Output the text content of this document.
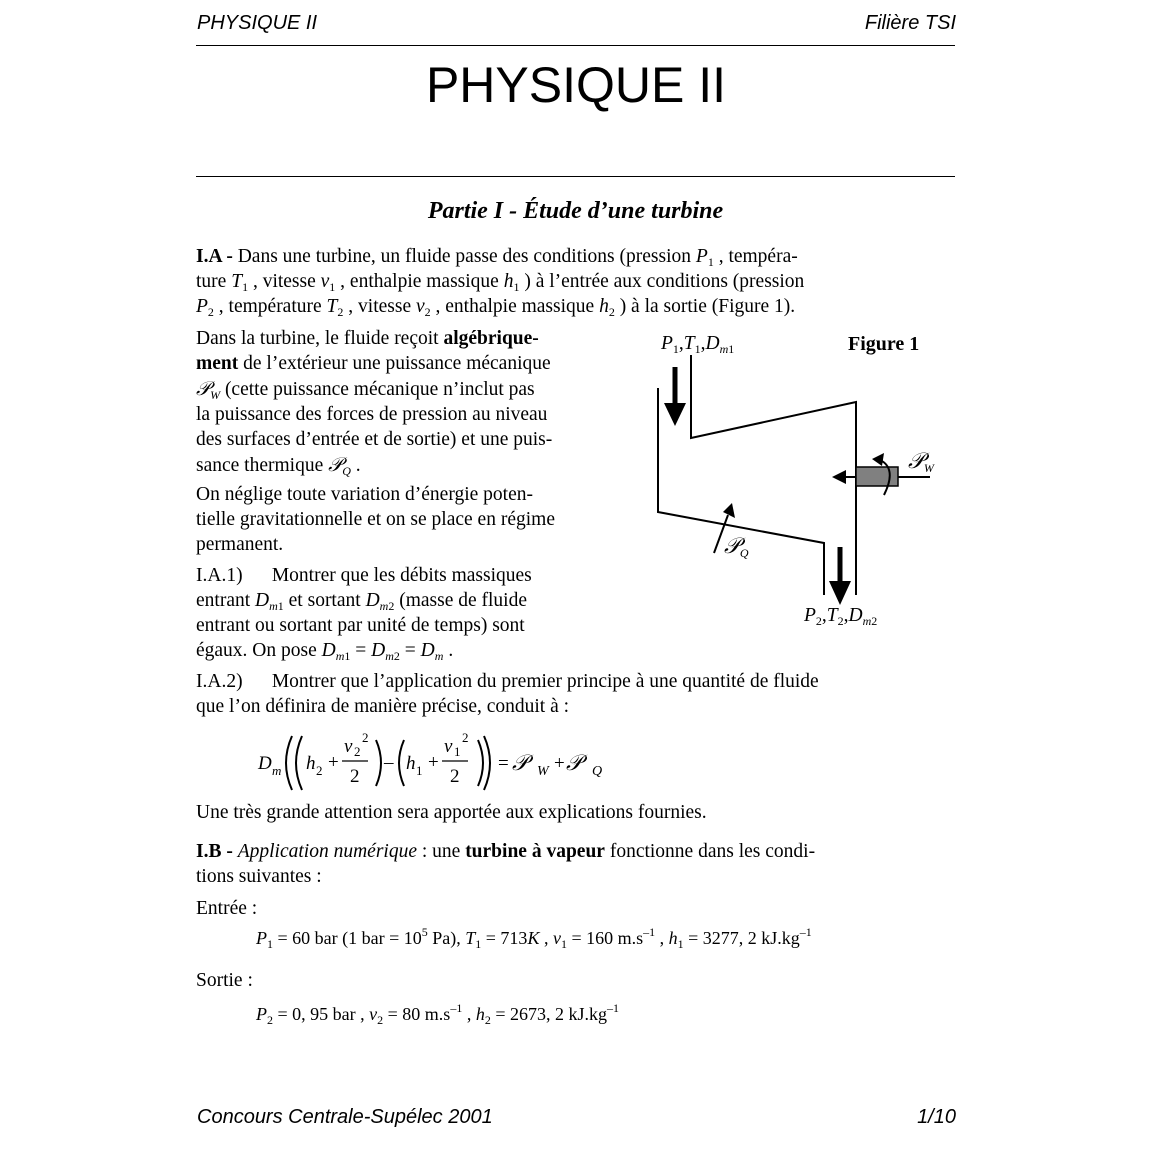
PHYSIQUE II	Filière TSI
PHYSIQUE II
Partie I - Étude d’une turbine

I.A - Dans une turbine, un fluide passe des conditions (pression $P_1$ , tempéra-
ture $T_1$ , vitesse $v_1$ , enthalpie massique $h_1$ ) à l’entrée aux conditions (pression
$P_2$ , température $T_2$ , vitesse $v_2$ , enthalpie massique $h_2$ ) à la sortie (Figure 1).

Dans la turbine, le fluide reçoit algébrique-
ment de l’extérieur une puissance mécanique
𝒫$_W$ (cette puissance mécanique n’inclut pas
la puissance des forces de pression au niveau
des surfaces d’entrée et de sortie) et une puis-
sance thermique 𝒫$_Q$ .

On néglige toute variation d’énergie poten-
tielle gravitationnelle et on se place en régime
permanent.

I.A.1)      Montrer que les débits massiques
entrant $D_{m1}$ et sortant $D_{m2}$ (masse de fluide
entrant ou sortant par unité de temps) sont
égaux. On pose $D_{m1} = D_{m2} = D_m$ .

I.A.2)      Montrer que l’application du premier principe à une quantité de fluide
que l’on définira de manière précise, conduit à :

Figure 1
$P_1,T_1,D_{m1}$
$P_2,T_2,D_{m2}$
𝒫$_W$
𝒫$_Q$
D m h 2 +
v 2
2
2
– h 1 +
v 1
2
2
= 𝒫 W + 𝒫 Q
Une très grande attention sera apportée aux explications fournies.

I.B - Application numérique : une turbine à vapeur fonctionne dans les condi-
tions suivantes :

Entrée :
$P_1 = 60$ bar (1 bar = $10^5$ Pa), $T_1 = 713K$ , $v_1 = 160$ $m.s^{-1}$ , $h_1 = 3277$, 2 $kJ.kg^{-1}$
Sortie :
$P_2 = 0$, 95 bar , $v_2 = 80$ $m.s^{-1}$ , $h_2 = 2673$, 2 $kJ.kg^{-1}$
Concours Centrale-Supélec 2001	1/10
